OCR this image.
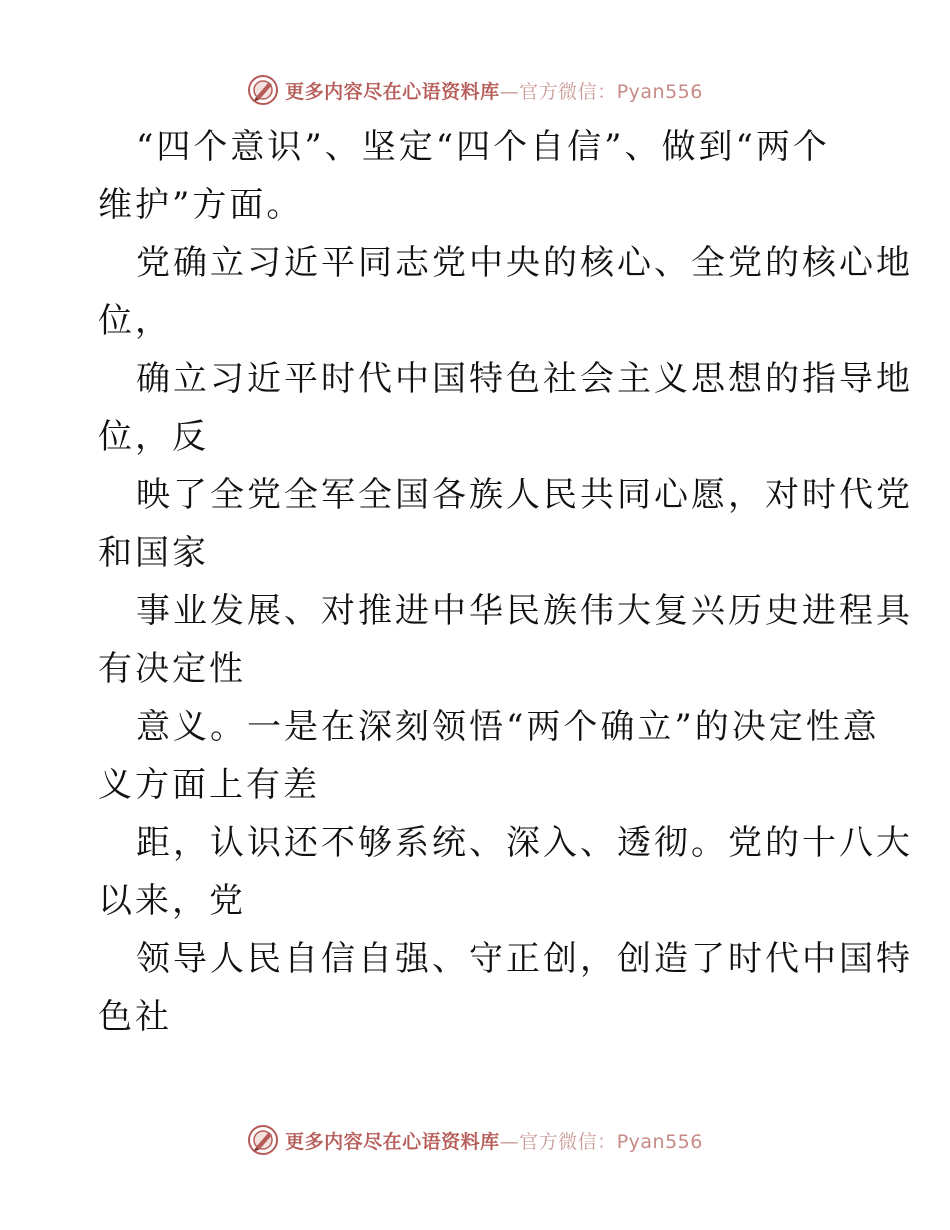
更多内容尽在心语资料库—官方微信：Pyan556
“四个意识”、坚定“四个自信”、做到“两个
维护”方面。
党确立习近平同志党中央的核心、全党的核心地
位，
确立习近平时代中国特色社会主义思想的指导地
位，反
映了全党全军全国各族人民共同心愿，对时代党
和国家
事业发展、对推进中华民族伟大复兴历史进程具
有决定性
意义。一是在深刻领悟“两个确立”的决定性意
义方面上有差
距，认识还不够系统、深入、透彻。党的十八大
以来，党
领导人民自信自强、守正创，创造了时代中国特
色社
更多内容尽在心语资料库—官方微信：Pyan556
